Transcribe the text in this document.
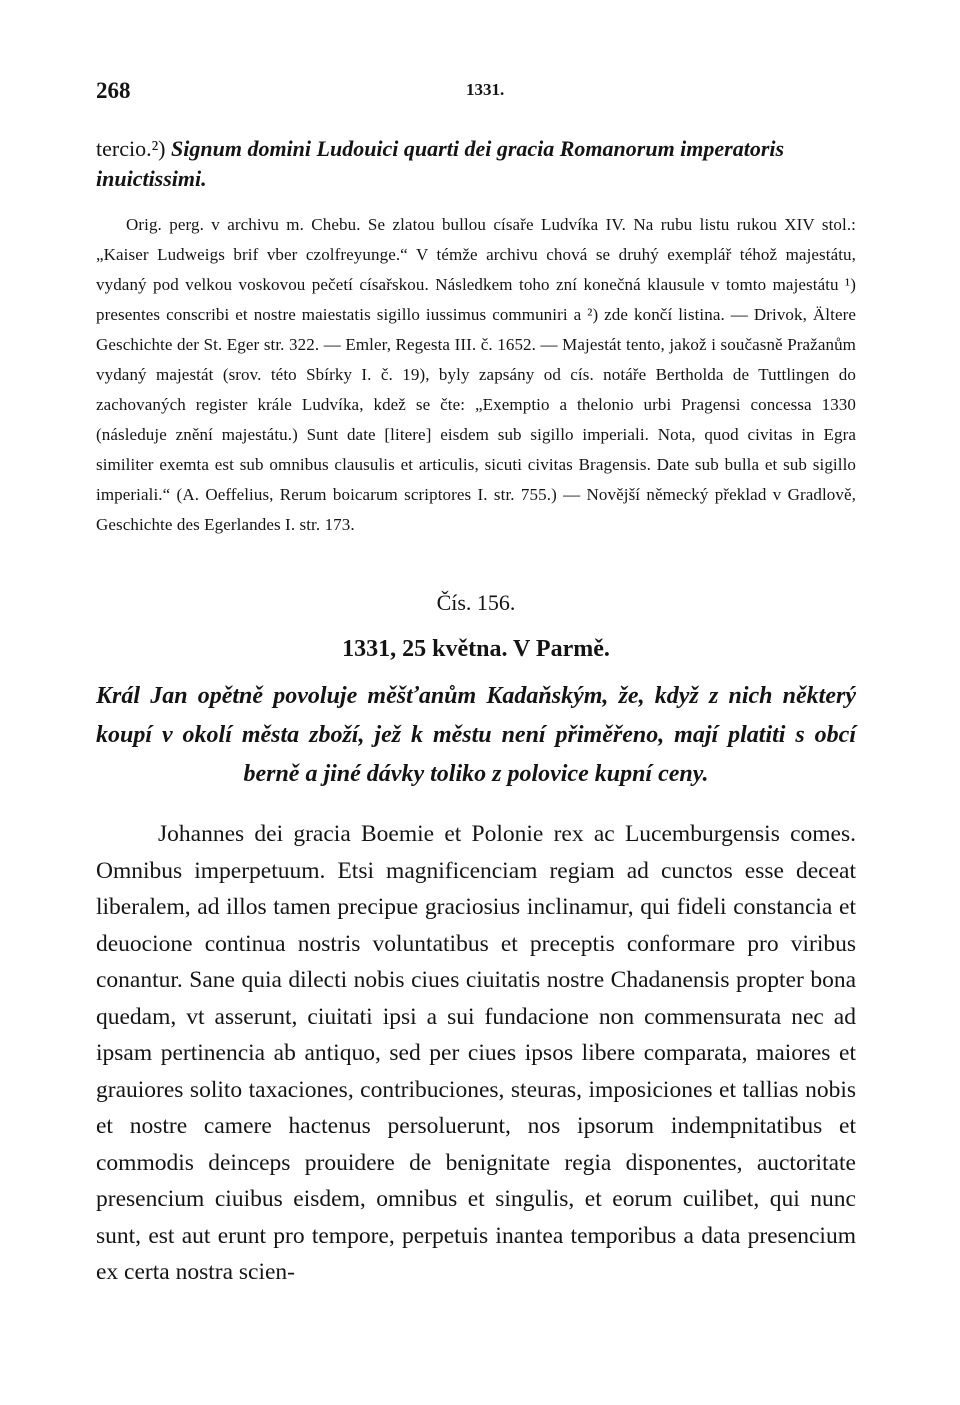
268	1331.
tercio.²) Signum domini Ludouici quarti dei gracia Romanorum imperatoris inuictissimi.
Orig. perg. v archivu m. Chebu. Se zlatou bullou císaře Ludvíka IV. Na rubu listu rukou XIV stol.: „Kaiser Ludweigs brif vber czolfreyunge.“ V témže archivu chová se druhý exemplář téhož majestátu, vydaný pod velkou voskovou pečetí císařskou. Následkem toho zní konečná klausule v tomto majestátu ¹) presentes conscribi et nostre maiestatis sigillo iussimus communiri a ²) zde končí listina. — Drivok, Ältere Geschichte der St. Eger str. 322. — Emler, Regesta III. č. 1652. — Majestát tento, jakož i současně Pražanům vydaný majestát (srov. této Sbírky I. č. 19), byly zapsány od cís. notáře Bertholda de Tuttlingen do zachovaných register krále Ludvíka, kdež se čte: „Exemptio a thelonio urbi Pragensi concessa 1330 (následuje znění majestátu.) Sunt date [litere] eisdem sub sigillo imperiali. Nota, quod civitas in Egra similiter exemta est sub omnibus clausulis et articulis, sicuti civitas Bragensis. Date sub bulla et sub sigillo imperiali.“ (A. Oeffelius, Rerum boicarum scriptores I. str. 755.) — Novější německý překlad v Gradlově, Geschichte des Egerlandes I. str. 173.
Čís. 156.
1331, 25 května. V Parmě.
Král Jan opětně povoluje měšťanům Kadaňským, že, když z nich některý koupí v okolí města zboží, jež k městu není přiměřeno, mají platiti s obcí berně a jiné dávky toliko z polovice kupní ceny.
Johannes dei gracia Boemie et Polonie rex ac Lucemburgensis comes. Omnibus imperpetuum. Etsi magnificenciam regiam ad cunctos esse deceat liberalem, ad illos tamen precipue graciosius inclinamur, qui fideli constancia et deuocione continua nostris voluntatibus et preceptis conformare pro viribus conantur. Sane quia dilecti nobis ciues ciuitatis nostre Chadanensis propter bona quedam, vt asserunt, ciuitati ipsi a sui fundacione non commensurata nec ad ipsam pertinencia ab antiquo, sed per ciues ipsos libere comparata, maiores et grauiores solito taxaciones, contribuciones, steuras, imposiciones et tallias nobis et nostre camere hactenus persoluerunt, nos ipsorum indempnitatibus et commodis deinceps prouidere de benignitate regia disponentes, auctoritate presencium ciuibus eisdem, omnibus et singulis, et eorum cuilibet, qui nunc sunt, est aut erunt pro tempore, perpetuis inantea temporibus a data presencium ex certa nostra scien-
